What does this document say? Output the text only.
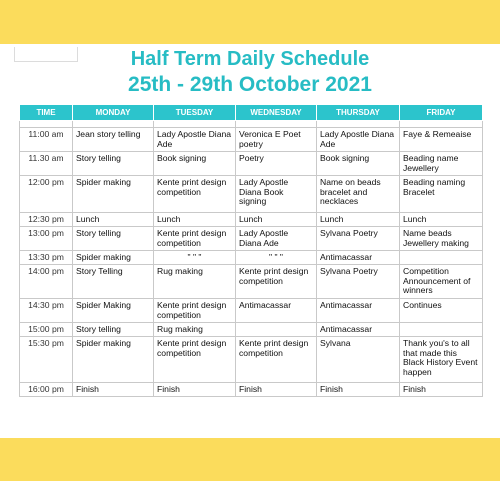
Half Term Daily Schedule
25th - 29th October 2021
TIME	MONDAY	TUESDAY	WEDNESDAY	THURSDAY	FRIDAY

11:00 am	Jean story telling	Lady Apostle Diana Ade	Veronica E Poet poetry	Lady Apostle Diana Ade	Faye & Remeaise
11.30 am	Story telling	Book signing	Poetry	Book signing	Beading name Jewellery
12:00 pm	Spider making	Kente print design competition	Lady Apostle Diana Book signing	Name on beads bracelet and necklaces	Beading naming Bracelet
12:30 pm	Lunch	Lunch	Lunch	Lunch	Lunch
13:00 pm	Story telling	Kente print design competition	Lady Apostle Diana Ade	Sylvana Poetry	Name beads Jewellery making
13:30 pm	Spider making	" " "	" " "	Antimacassar	
14:00 pm	Story Telling	Rug making	Kente print design competition	Sylvana Poetry	Competition Announcement of winners
14:30 pm	Spider Making	Kente print design competition	Antimacassar	Antimacassar	Continues
15:00 pm	Story telling	Rug making		Antimacassar	
15:30 pm	Spider making	Kente print design competition	Kente print design competition	Sylvana	Thank you's to all that made this Black History Event happen
16:00 pm	Finish	Finish	Finish	Finish	Finish
